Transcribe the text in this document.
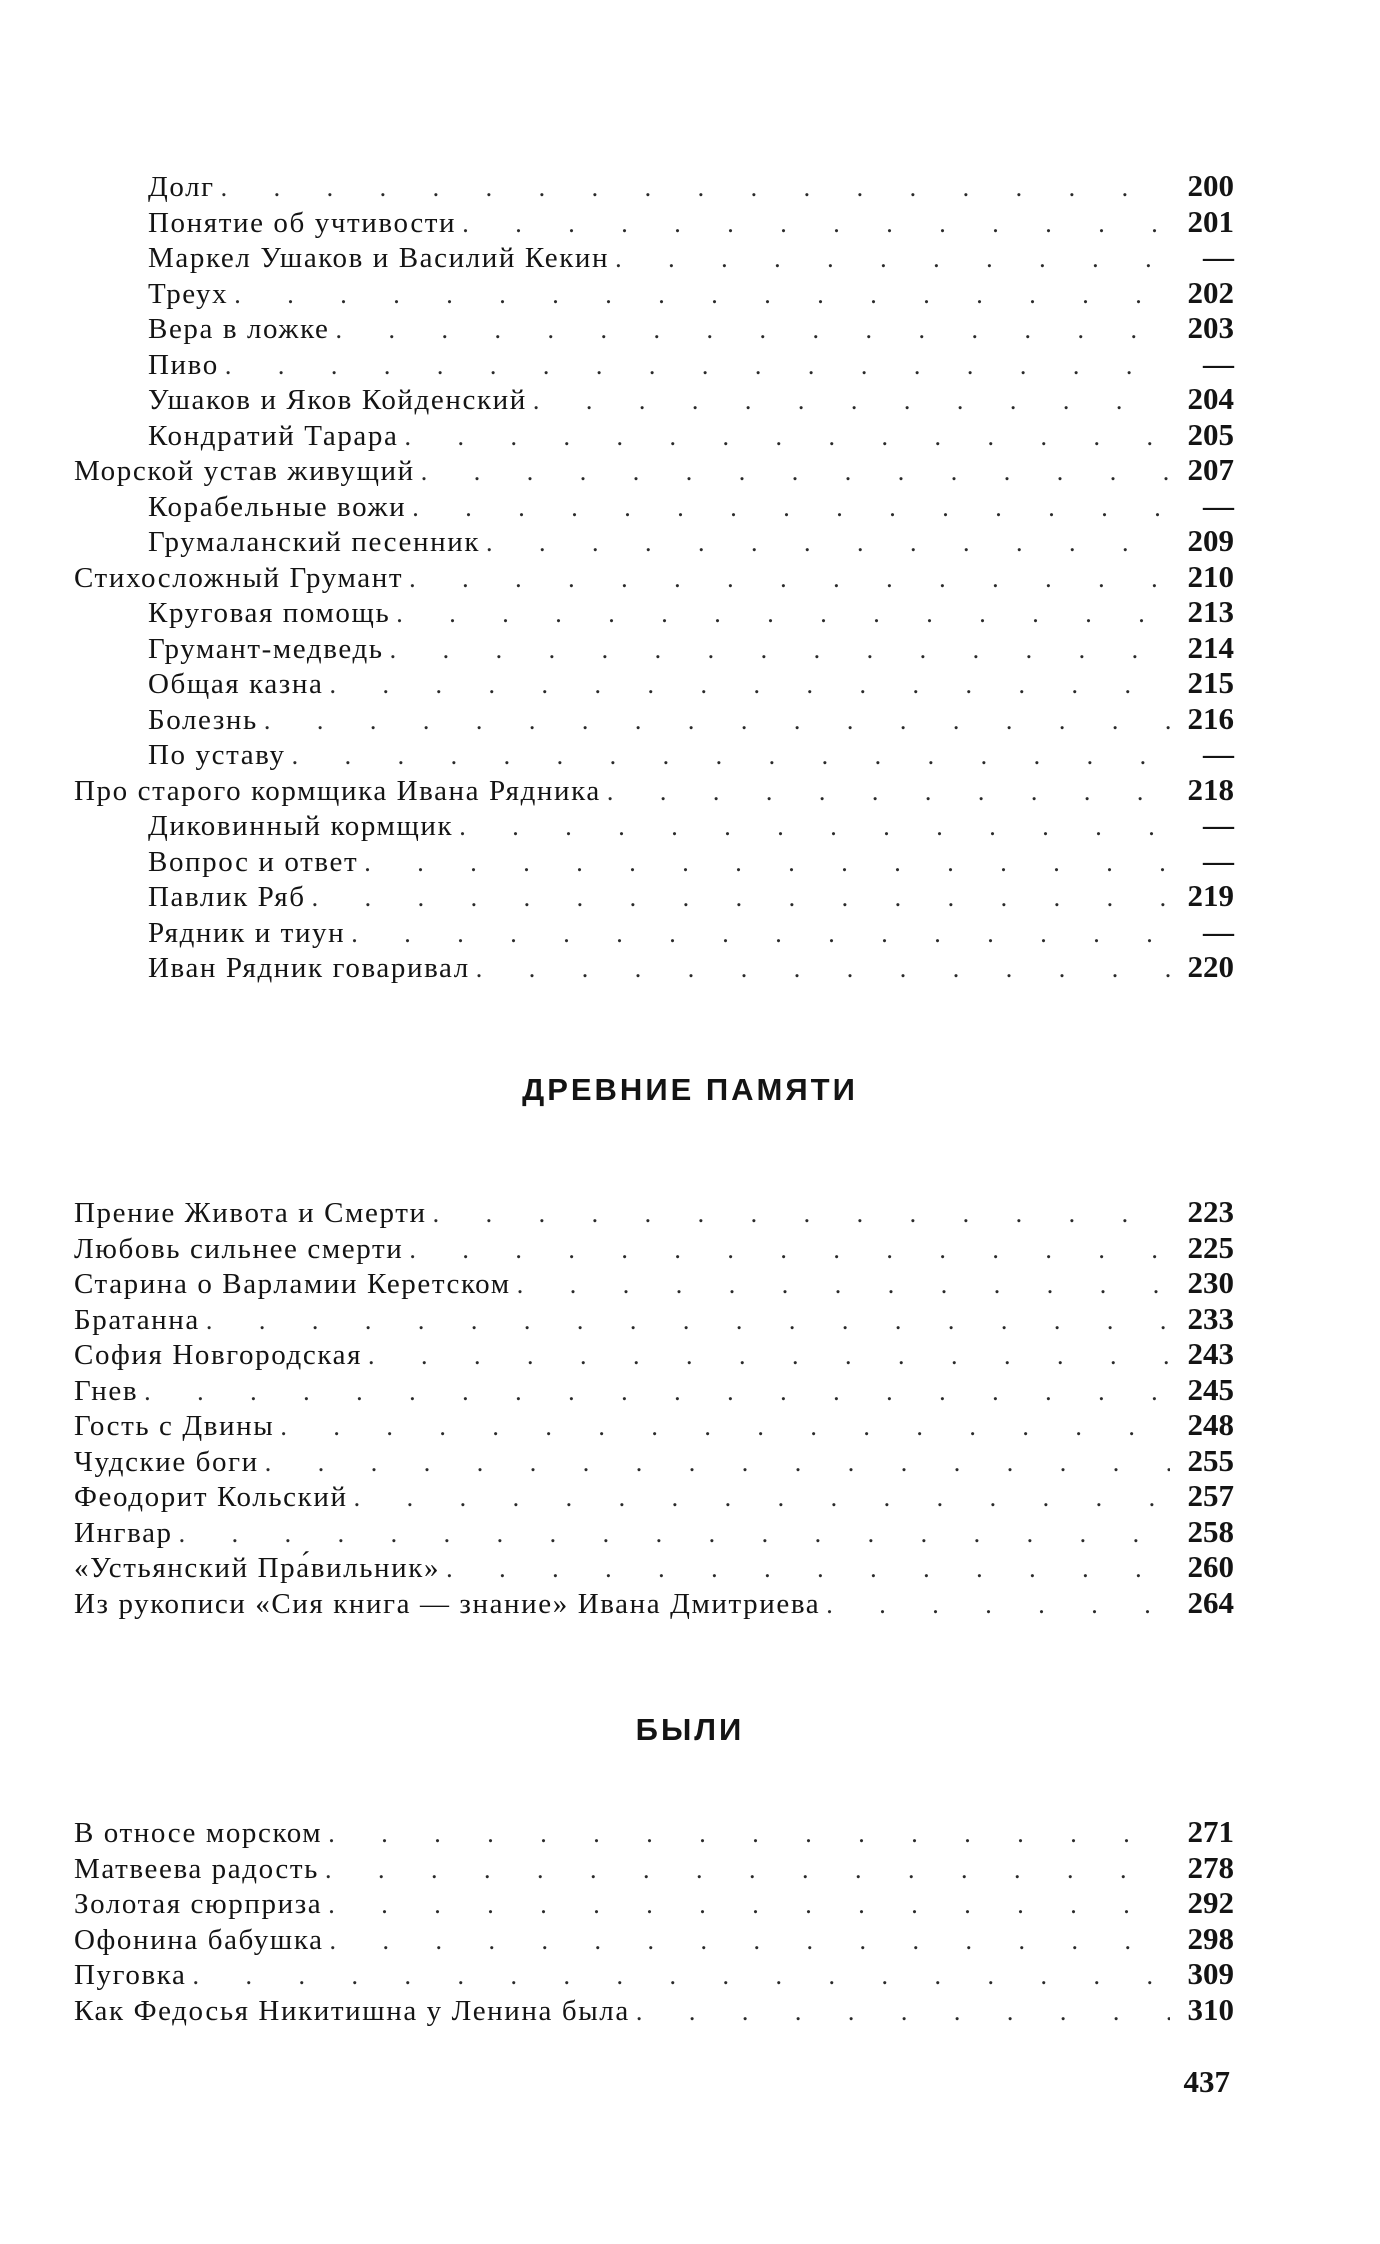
Долг . . .	200
Понятие об учтивости . . .	201
Маркел Ушаков и Василий Кекин . . .	—
Треух . . .	202
Вера в ложке . . .	203
Пиво . . .	—
Ушаков и Яков Койденский . . .	204
Кондратий Тарара . . .	205
Морской устав живущий . . .	207
Корабельные вожи . . .	—
Грумаланский песенник . . .	209
Стихосложный Грумант . . .	210
Круговая помощь . . .	213
Грумант-медведь . . .	214
Общая казна . . .	215
Болезнь . . .	216
По уставу . . .	—
Про старого кормщика Ивана Рядника . . .	218
Диковинный кормщик . . .	—
Вопрос и ответ . . .	—
Павлик Ряб . . .	219
Рядник и тиун . . .	—
Иван Рядник говаривал . . .	220
ДРЕВНИЕ ПАМЯТИ
Прение Живота и Смерти . . .	223
Любовь сильнее смерти . . .	225
Старина о Варламии Керетском . . .	230
Братанна . . .	233
София Новгородская . . .	243
Гнев . . .	245
Гость с Двины . . .	248
Чудские боги . . .	255
Феодорит Кольский . . .	257
Ингвар . . .	258
«Устьянский Пра́вильник» . . .	260
Из рукописи «Сия книга — знание» Ивана Дмитриева . . .	264
БЫЛИ
В относе морском . . .	271
Матвеева радость . . .	278
Золотая сюрприза . . .	292
Офонина бабушка . . .	298
Пуговка . . .	309
Как Федосья Никитишна у Ленина была . . .	310
437
